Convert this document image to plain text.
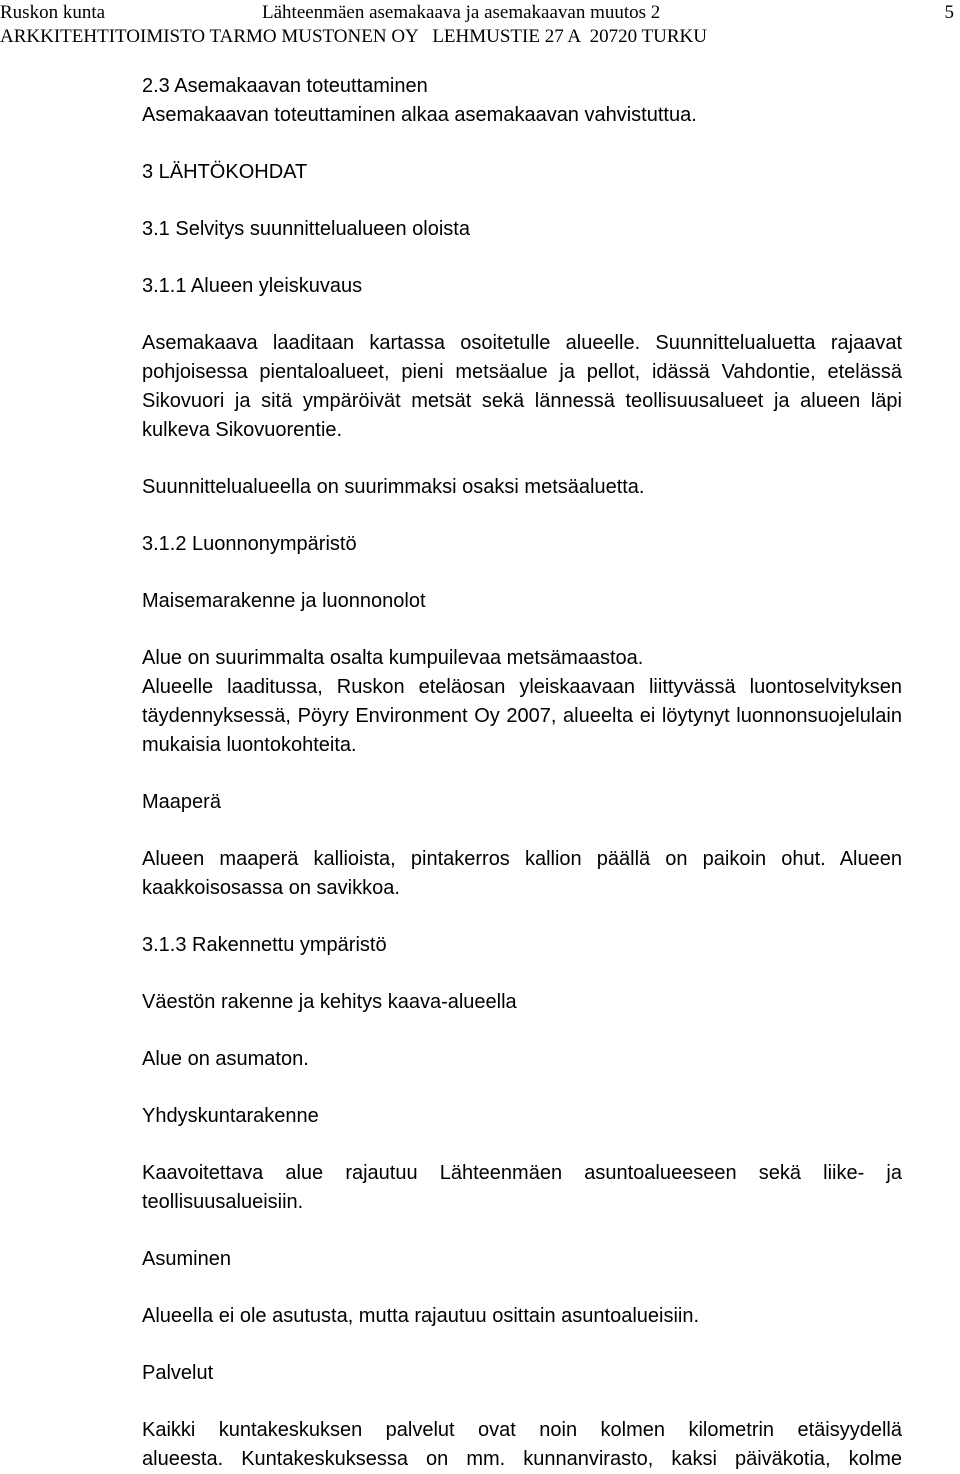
Ruskon kunta	Lähteenmäen asemakaava ja asemakaavan muutos 2	5
ARKKITEHTITOIMISTO TARMO MUSTONEN OY   LEHMUSTIE 27 A  20720 TURKU

2.3 Asemakaavan toteuttaminen

Asemakaavan toteuttaminen alkaa asemakaavan vahvistuttua.

3 LÄHTÖKOHDAT

3.1 Selvitys suunnittelualueen oloista

3.1.1 Alueen yleiskuvaus

Asemakaava laaditaan kartassa osoitetulle alueelle. Suunnittelualuetta rajaavat pohjoisessa pientaloalueet, pieni metsäalue ja pellot, idässä Vahdontie, etelässä Sikovuori ja sitä ympäröivät metsät sekä lännessä teollisuusalueet ja alueen läpi kulkeva Sikovuorentie.

Suunnittelualueella on suurimmaksi osaksi metsäaluetta.

3.1.2 Luonnonympäristö

Maisemarakenne ja luonnonolot

Alue on suurimmalta osalta kumpuilevaa metsämaastoa.

Alueelle laaditussa, Ruskon eteläosan yleiskaavaan liittyvässä luontoselvityksen täydennyksessä, Pöyry Environment Oy 2007, alueelta ei löytynyt luonnonsuojelulain mukaisia luontokohteita.

Maaperä

Alueen maaperä kallioista, pintakerros kallion päällä on paikoin ohut. Alueen kaakkoisosassa on savikkoa.

3.1.3 Rakennettu ympäristö

Väestön rakenne ja kehitys kaava-alueella

Alue on asumaton.

Yhdyskuntarakenne

Kaavoitettava alue rajautuu Lähteenmäen asuntoalueeseen sekä liike- ja teollisuusalueisiin.

Asuminen

Alueella ei ole asutusta, mutta rajautuu osittain asuntoalueisiin.

Palvelut

Kaikki kuntakeskuksen palvelut ovat noin kolmen kilometrin etäisyydellä

alueesta. Kuntakeskuksessa on mm. kunnanvirasto, kaksi päiväkotia, kolme
